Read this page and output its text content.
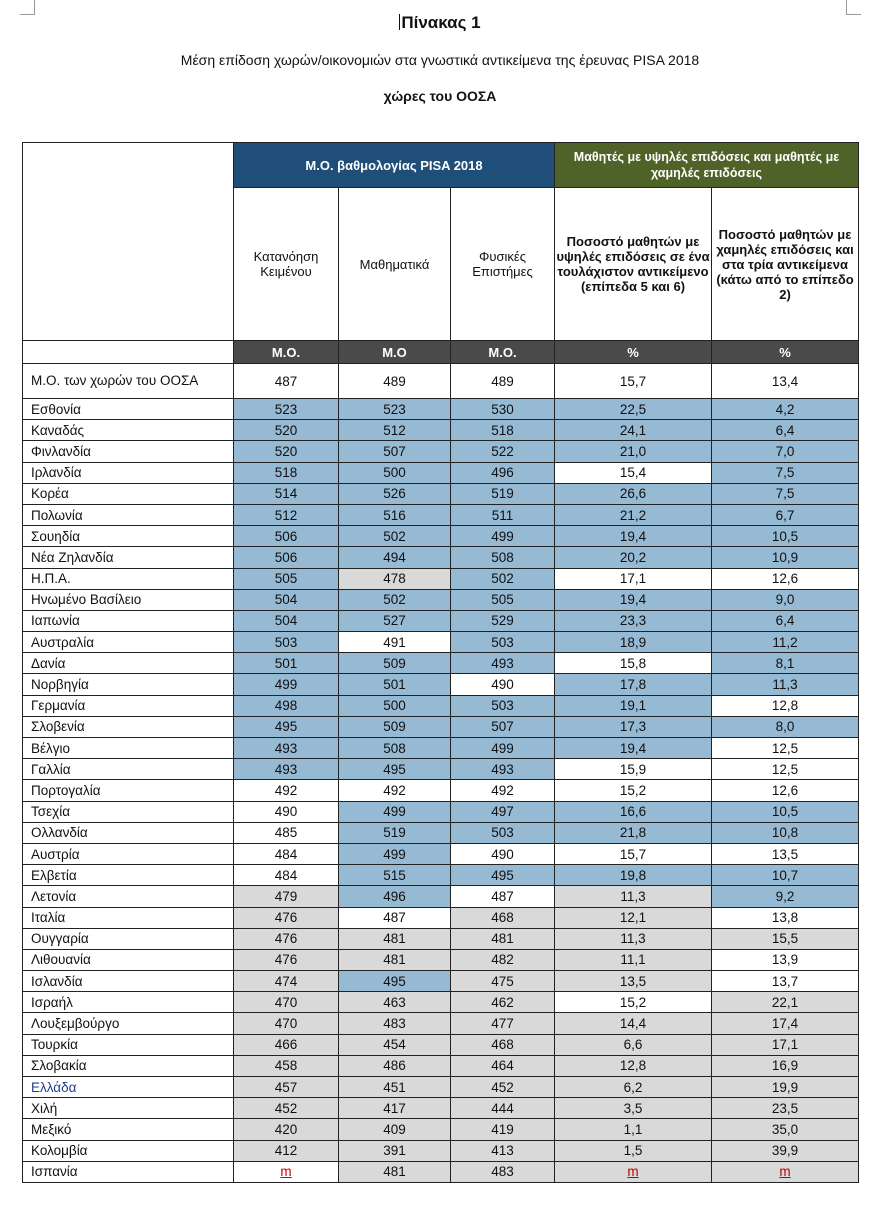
Πίνακας 1
Μέση επίδοση χωρών/οικονομιών στα γνωστικά αντικείμενα της έρευνας PISA 2018
χώρες του ΟΟΣΑ
	Μ.Ο. βαθμολογίας PISA 2018			Μαθητές με υψηλές επιδόσεις και μαθητές με χαμηλές επιδόσεις	
	Κατανόηση Κειμένου	Μαθηματικά	Φυσικές Επιστήμες	Ποσοστό μαθητών με υψηλές επιδόσεις σε ένα τουλάχιστον αντικείμενο (επίπεδα 5 και 6)	Ποσοστό μαθητών με χαμηλές επιδόσεις και στα τρία αντικείμενα (κάτω από το επίπεδο 2)
	Μ.Ο.	Μ.Ο	Μ.Ο.	%	%
Μ.Ο. των χωρών του ΟΟΣΑ	487	489	489	15,7	13,4
Εσθονία	523	523	530	22,5	4,2
Καναδάς	520	512	518	24,1	6,4
Φινλανδία	520	507	522	21,0	7,0
Ιρλανδία	518	500	496	15,4	7,5
Κορέα	514	526	519	26,6	7,5
Πολωνία	512	516	511	21,2	6,7
Σουηδία	506	502	499	19,4	10,5
Νέα Ζηλανδία	506	494	508	20,2	10,9
Η.Π.Α.	505	478	502	17,1	12,6
Ηνωμένο Βασίλειο	504	502	505	19,4	9,0
Ιαπωνία	504	527	529	23,3	6,4
Αυστραλία	503	491	503	18,9	11,2
Δανία	501	509	493	15,8	8,1
Νορβηγία	499	501	490	17,8	11,3
Γερμανία	498	500	503	19,1	12,8
Σλοβενία	495	509	507	17,3	8,0
Βέλγιο	493	508	499	19,4	12,5
Γαλλία	493	495	493	15,9	12,5
Πορτογαλία	492	492	492	15,2	12,6
Τσεχία	490	499	497	16,6	10,5
Ολλανδία	485	519	503	21,8	10,8
Αυστρία	484	499	490	15,7	13,5
Ελβετία	484	515	495	19,8	10,7
Λετονία	479	496	487	11,3	9,2
Ιταλία	476	487	468	12,1	13,8
Ουγγαρία	476	481	481	11,3	15,5
Λιθουανία	476	481	482	11,1	13,9
Ισλανδία	474	495	475	13,5	13,7
Ισραήλ	470	463	462	15,2	22,1
Λουξεμβούργο	470	483	477	14,4	17,4
Τουρκία	466	454	468	6,6	17,1
Σλοβακία	458	486	464	12,8	16,9
Ελλάδα	457	451	452	6,2	19,9
Χιλή	452	417	444	3,5	23,5
Μεξικό	420	409	419	1,1	35,0
Κολομβία	412	391	413	1,5	39,9
Ισπανία	m	481	483	m	m
